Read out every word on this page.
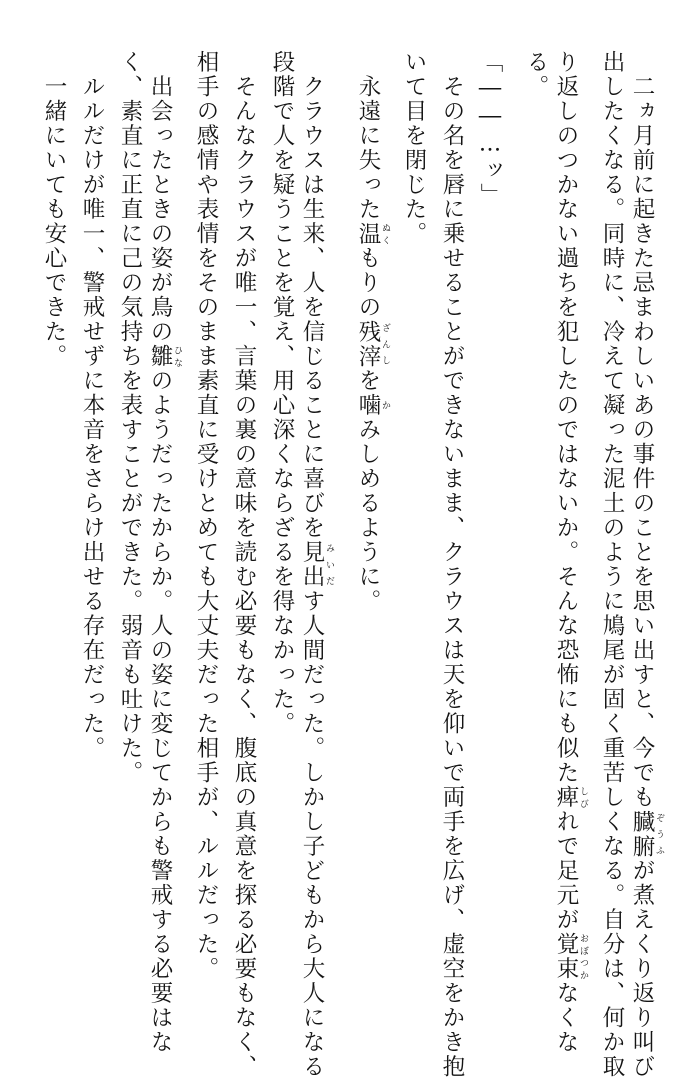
　二ヵ月前に起きた忌まわしいあの事件のことを思い出すと、今でも臓腑 ぞうふが煮えくり返り叫び
出したくなる。同時に、冷えて凝った泥土のように鳩尾が固く重苦しくなる。自分は、何か取
り返しのつかない過ちを犯したのではないか。そんな恐怖にも似た痺 しびれで足元が覚束 おぼつかなくな
る。
「――…ッ」
　その名を唇に乗せることができないまま、クラウスは天を仰いで両手を広げ、虚空をかき抱
いて目を閉じた。
　永遠に失った温 ぬくもりの残滓 ざんしを噛 かみしめるように。
　クラウスは生来、人を信じることに喜びを見出 みいだす人間だった。しかし子どもから大人になる
段階で人を疑うことを覚え、用心深くならざるを得なかった。
　そんなクラウスが唯一、言葉の裏の意味を読む必要もなく、腹底の真意を探る必要もなく、
相手の感情や表情をそのまま素直に受けとめても大丈夫だった相手が、ルルだった。
　出会ったときの姿が鳥の雛 ひなのようだったからか。人の姿に変じてからも警戒する必要はな
く、素直に正直に己の気持ちを表すことができた。弱音も吐けた。
　ルルだけが唯一、警戒せずに本音をさらけ出せる存在だった。
　一緒にいても安心できた。
